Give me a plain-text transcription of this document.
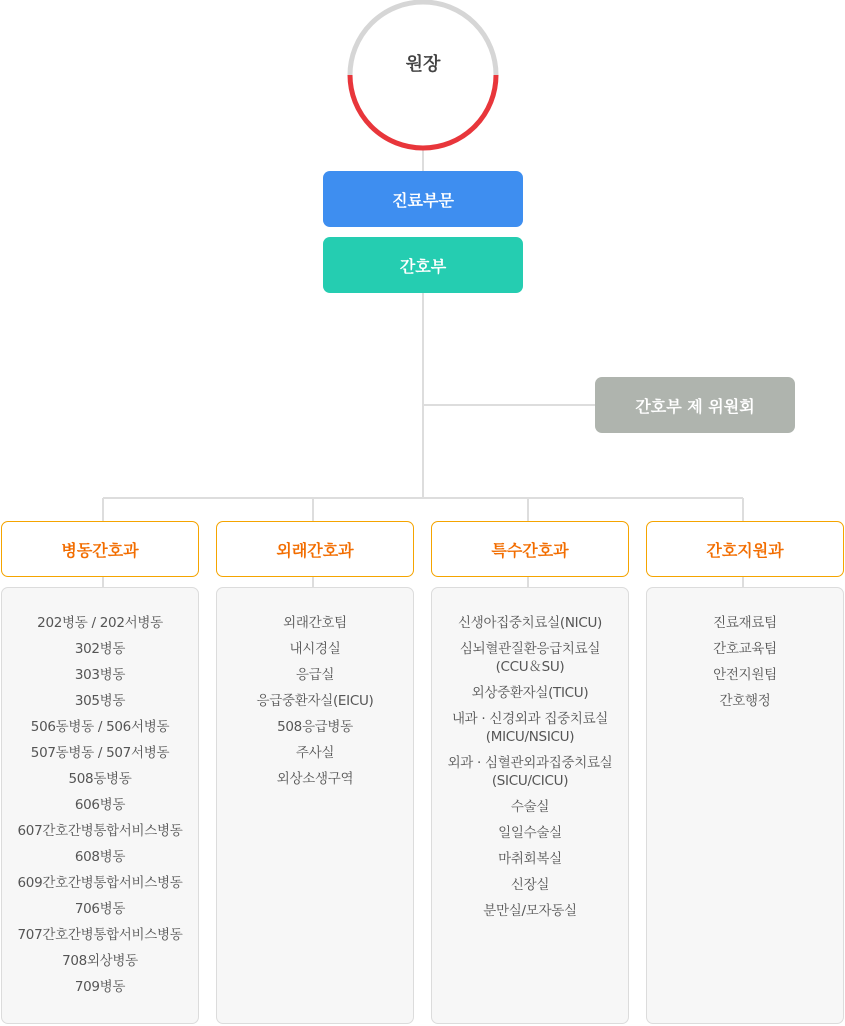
원장
진료부문
간호부
간호부 제 위원회
병동간호과	외래간호과	특수간호과	간호지원과
202병동 / 202서병동
302병동
303병동
305병동
506동병동 / 506서병동
507동병동 / 507서병동
508동병동
606병동
607간호간병통합서비스병동
608병동
609간호간병통합서비스병동
706병동
707간호간병통합서비스병동
708외상병동
709병동
외래간호팀
내시경실
응급실
응급중환자실(EICU)
508응급병동
주사실
외상소생구역
신생아집중치료실(NICU)
심뇌혈관질환응급치료실
(CCU＆SU)
외상중환자실(TICU)
내과 · 신경외과 집중치료실
(MICU/NSICU)
외과 · 심혈관외과집중치료실
(SICU/CICU)
수술실
일일수술실
마취회복실
신장실
분만실/모자동실
진료재료팀
간호교육팀
안전지원팀
간호행정
